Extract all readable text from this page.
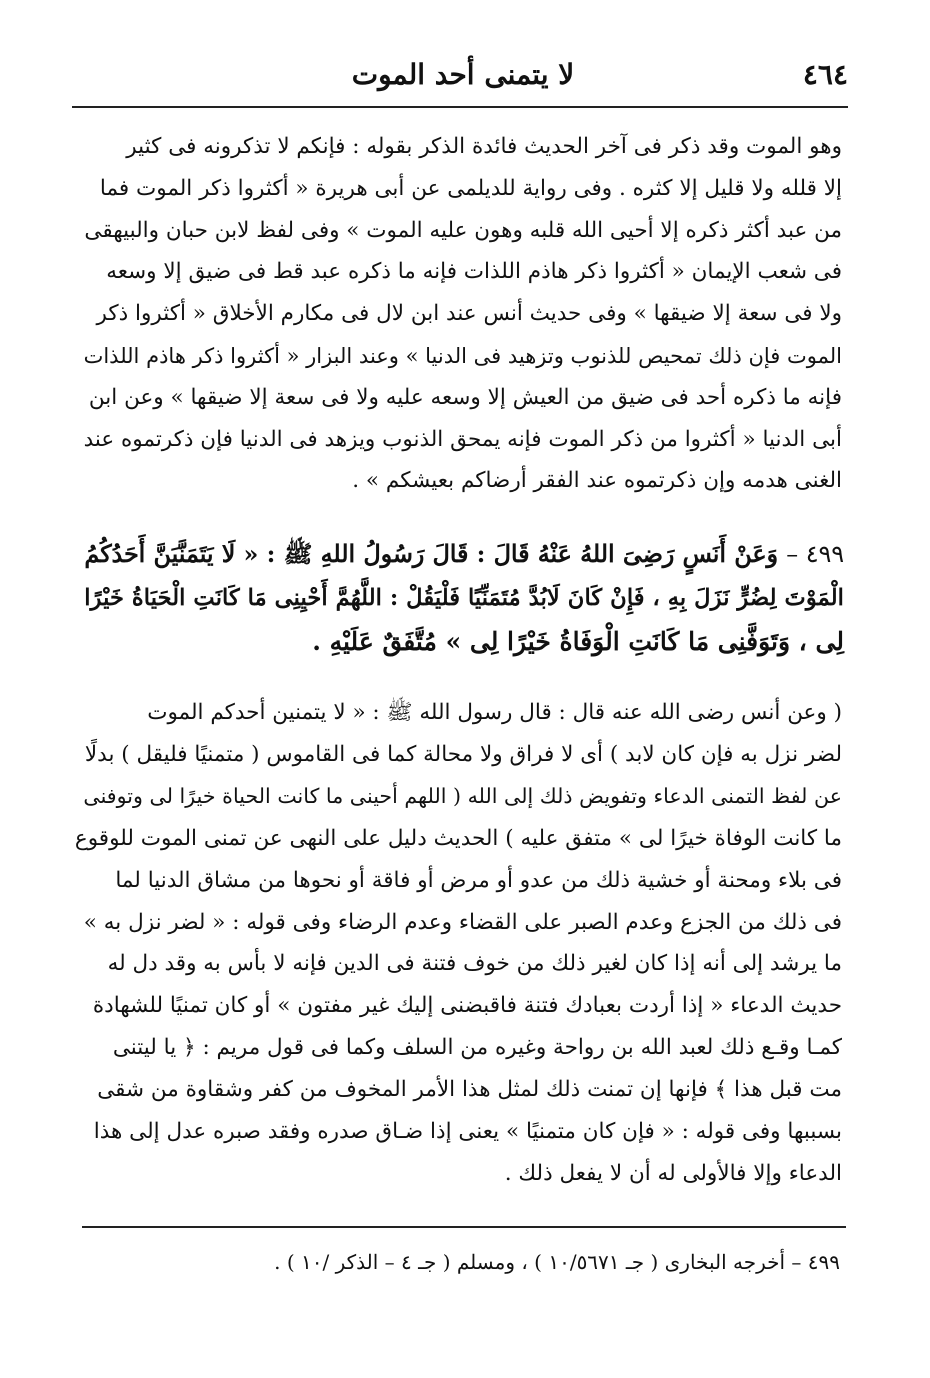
٤٦٤
لا يتمنى أحد الموت
وهو الموت وقد ذكر فى آخر الحديث فائدة الذكر بقوله : فإنكم لا تذكرونه فى كثير
إلا قلله ولا قليل إلا كثره . وفى رواية للديلمى عن أبى هريرة « أكثروا ذكر الموت فما
من عبد أكثر ذكره إلا أحيى الله قلبه وهون عليه الموت » وفى لفظ لابن حبان والبيهقى
فى شعب الإيمان « أكثروا ذكر هاذم اللذات فإنه ما ذكره عبد قط فى ضيق إلا وسعه
ولا فى سعة إلا ضيقها » وفى حديث أنس عند ابن لال فى مكارم الأخلاق « أكثروا ذكر
الموت فإن ذلك تمحيص للذنوب وتزهيد فى الدنيا » وعند البزار « أكثروا ذكر هاذم اللذات
فإنه ما ذكره أحد فى ضيق من العيش إلا وسعه عليه ولا فى سعة إلا ضيقها » وعن ابن
أبى الدنيا « أكثروا من ذكر الموت فإنه يمحق الذنوب ويزهد فى الدنيا فإن ذكرتموه عند
الغنى هدمه وإن ذكرتموه عند الفقر أرضاكم بعيشكم » .
٤٩٩ – وَعَنْ أَنَسٍ رَضِىَ اللهُ عَنْهُ قَالَ : قَالَ رَسُولُ اللهِ ﷺ : « لَا يَتَمَنَّيَنَّ أَحَدُكُمُ
الْمَوْتَ لِضُرٍّ نَزَلَ بِهِ ، فَإِنْ كَانَ لَابُدَّ مُتَمَنِّيًا فَلْيَقُلْ : اللَّهُمَّ أَحْيِنِى مَا كَانَتِ الْحَيَاةُ خَيْرًا
لِى ، وَتَوَفَّنِى مَا كَانَتِ الْوَفَاةُ خَيْرًا لِى » مُتَّفَقٌ عَلَيْهِ .
( وعن أنس رضى الله عنه قال : قال رسول الله ﷺ : « لا يتمنين أحدكم الموت
لضر نزل به فإن كان لابد ) أى لا فراق ولا محالة كما فى القاموس ( متمنيًا فليقل ) بدلًا
عن لفظ التمنى الدعاء وتفويض ذلك إلى الله ( اللهم أحينى ما كانت الحياة خيرًا لى وتوفنى
ما كانت الوفاة خيرًا لى » متفق عليه ) الحديث دليل على النهى عن تمنى الموت للوقوع
فى بلاء ومحنة أو خشية ذلك من عدو أو مرض أو فاقة أو نحوها من مشاق الدنيا لما
فى ذلك من الجزع وعدم الصبر على القضاء وعدم الرضاء وفى قوله : « لضر نزل به »
ما يرشد إلى أنه إذا كان لغير ذلك من خوف فتنة فى الدين فإنه لا بأس به وقد دل له
حديث الدعاء « إذا أردت بعبادك فتنة فاقبضنى إليك غير مفتون » أو كان تمنيًا للشهادة
كمـا وقـع ذلك لعبد الله بن رواحة وغيره من السلف وكما فى قول مريم : ﴿ يا ليتنى
مت قبل هذا ﴾ فإنها إن تمنت ذلك لمثل هذا الأمر المخوف من كفر وشقاوة من شقى
بسببها وفى قوله : « فإن كان متمنيًا » يعنى إذا ضـاق صدره وفقد صبره عدل إلى هذا
الدعاء وإلا فالأولى له أن لا يفعل ذلك .
٤٩٩ – أخرجه البخارى ( جـ ١٠/٥٦٧١ ) ، ومسلم ( جـ ٤ – الذكر /١٠ ) .
